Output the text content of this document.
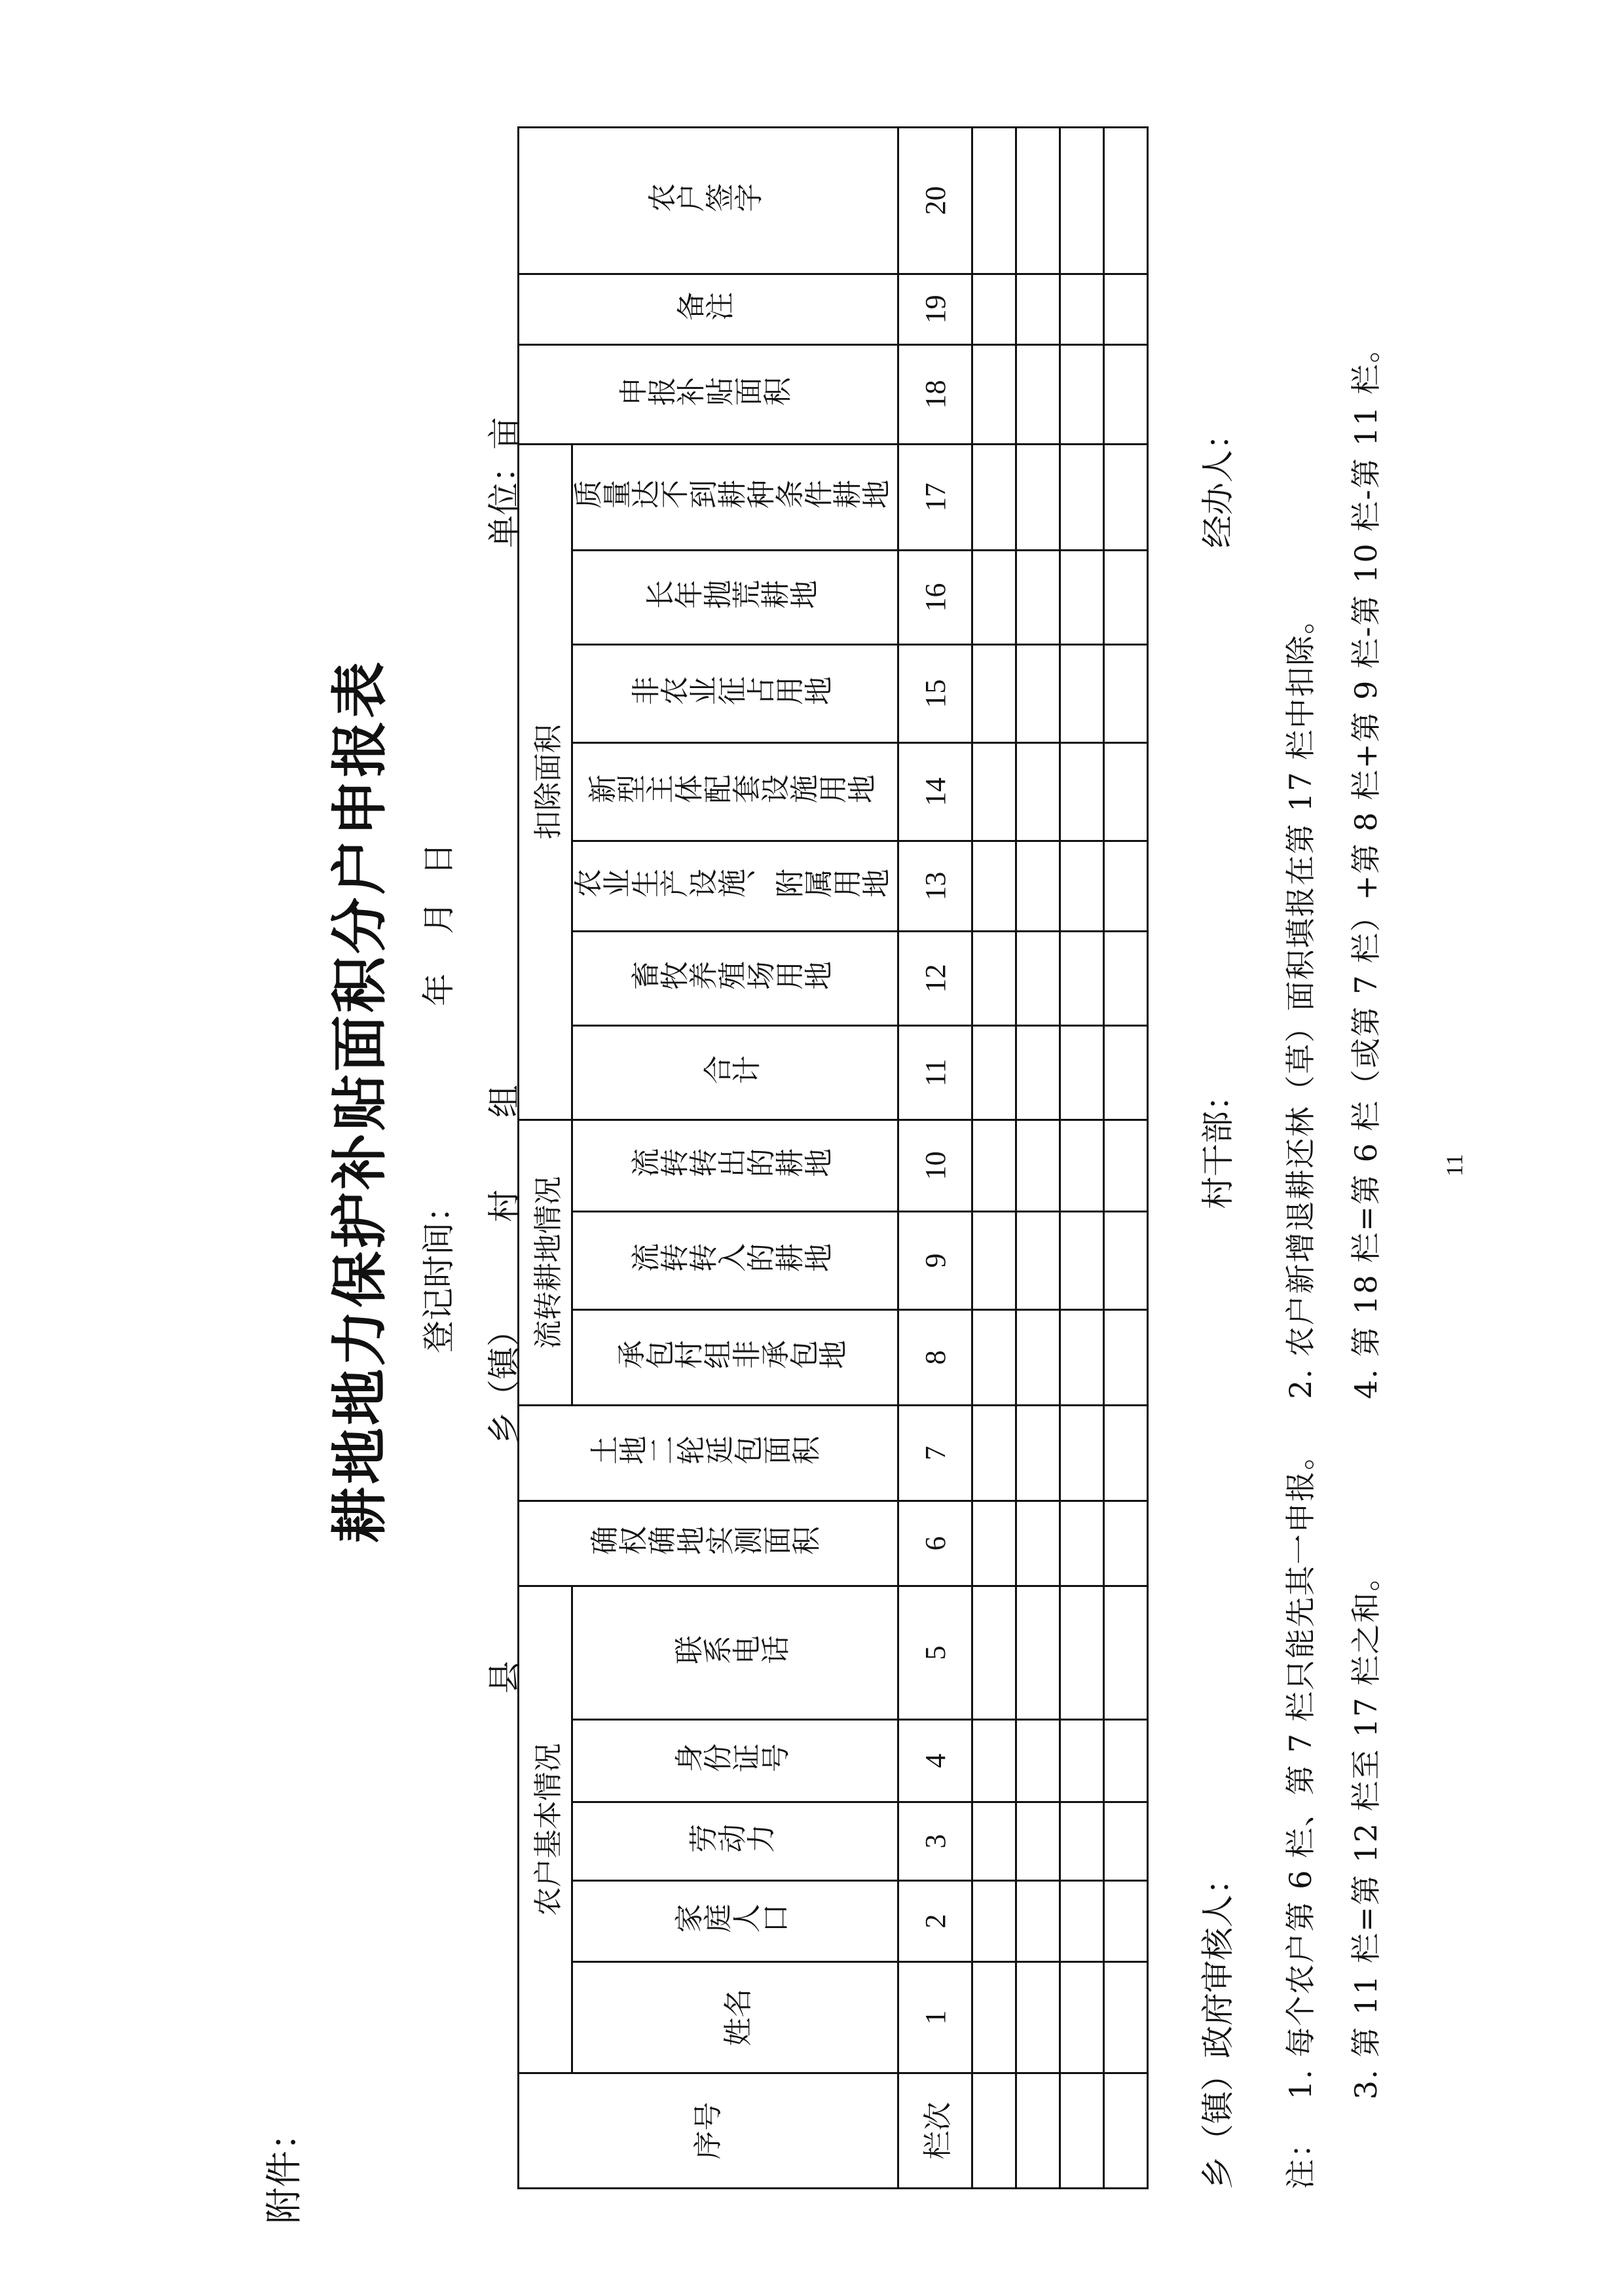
附件：
耕地地力保护补贴面积分户申报表 登记时间：
年
月
日
县
乡（镇）
村
组
单位：亩
序号	农户基本情况					确权确地实测面积	土地二轮延包面积	流转耕地情况			扣除面积							申报补贴面积	备注	农户签字
	姓名	家庭人口	劳动力	身份证号	联系电话			承包村组非承包地	流转转入的耕地	流转转出的耕地	合计	畜牧养殖场用地	农业生产设施、附属用地	新型主体配套设施用地	非农业征占用地	长年抛荒耕地	质量达不到耕种条件耕地			
栏次	1	2	3	4	5	6	7	8	9	10	11	12	13	14	15	16	17	18	19	20

乡（镇）政府审核人：
村干部：
经办人：
注：
1. 每个农户第 6 栏、第 7 栏只能先其一申报。
2. 农户新增退耕还林（草）面积填报在第 17 栏中扣除。
3. 第 11 栏=第 12 栏至 17 栏之和。
4. 第 18 栏=第 6 栏（或第 7 栏）+第 8 栏+第 9 栏-第 10 栏-第 11 栏。 11
